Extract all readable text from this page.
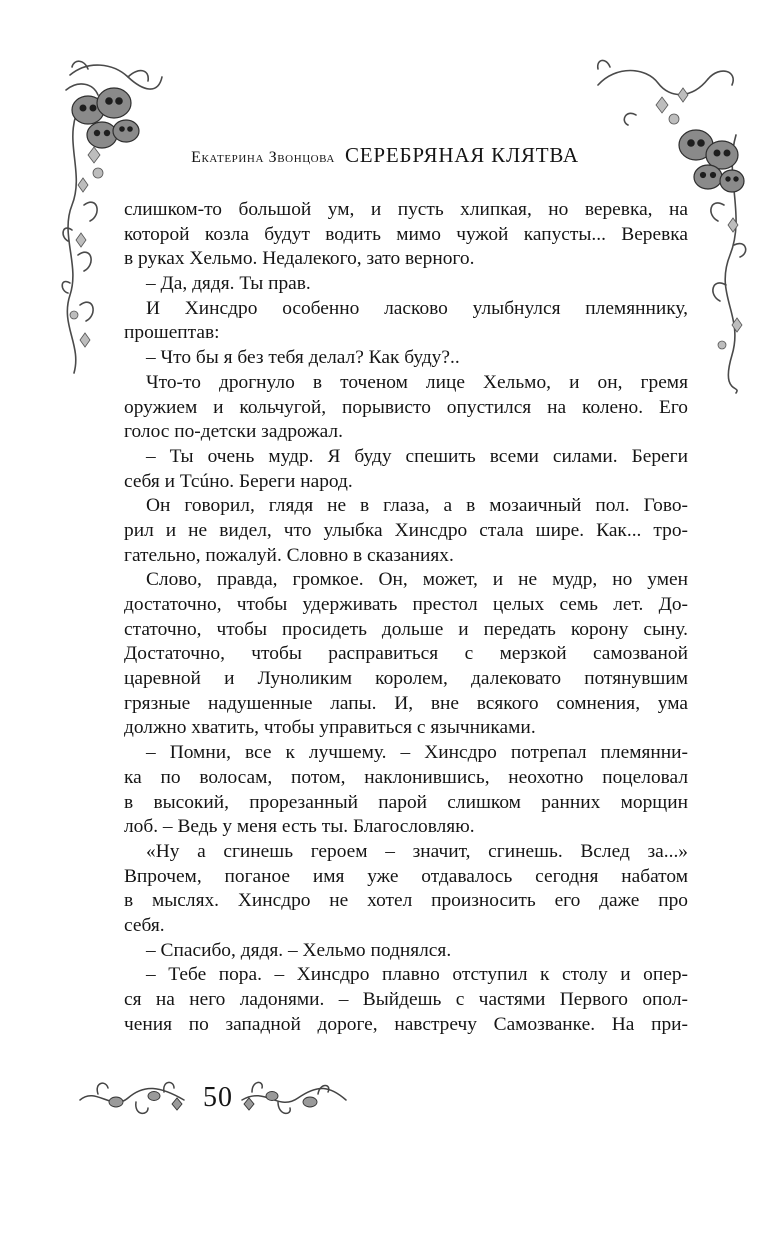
Екатерина Звонцова СЕРЕБРЯНАЯ КЛЯТВА
слишком-то большой ум, и пусть хлипкая, но веревка, на
которой козла будут водить мимо чужой капусты... Веревка
в руках Хельмо. Недалекого, зато верного.
– Да, дядя. Ты прав.
И Хинсдро особенно ласково улыбнулся племяннику,
прошептав:
– Что бы я без тебя делал? Как буду?..
Что-то дрогнуло в точеном лице Хельмо, и он, гремя
оружием и кольчугой, порывисто опустился на колено. Его
голос по-детски задрожал.
– Ты очень мудр. Я буду спешить всеми силами. Береги
себя и Тсúно. Береги народ.
Он говорил, глядя не в глаза, а в мозаичный пол. Гово-
рил и не видел, что улыбка Хинсдро стала шире. Как... тро-
гательно, пожалуй. Словно в сказаниях.
Слово, правда, громкое. Он, может, и не мудр, но умен
достаточно, чтобы удерживать престол целых семь лет. До-
статочно, чтобы просидеть дольше и передать корону сыну.
Достаточно, чтобы расправиться с мерзкой самозваной
царевной и Луноликим королем, далековато потянувшим
грязные надушенные лапы. И, вне всякого сомнения, ума
должно хватить, чтобы управиться с язычниками.
– Помни, все к лучшему. – Хинсдро потрепал племянни-
ка по волосам, потом, наклонившись, неохотно поцеловал
в высокий, прорезанный парой слишком ранних морщин
лоб. – Ведь у меня есть ты. Благословляю.
«Ну а сгинешь героем – значит, сгинешь. Вслед за...»
Впрочем, поганое имя уже отдавалось сегодня набатом
в мыслях. Хинсдро не хотел произносить его даже про
себя.
– Спасибо, дядя. – Хельмо поднялся.
– Тебе пора. – Хинсдро плавно отступил к столу и опер-
ся на него ладонями. – Выйдешь с частями Первого опол-
чения по западной дороге, навстречу Самозванке. На при-
50
